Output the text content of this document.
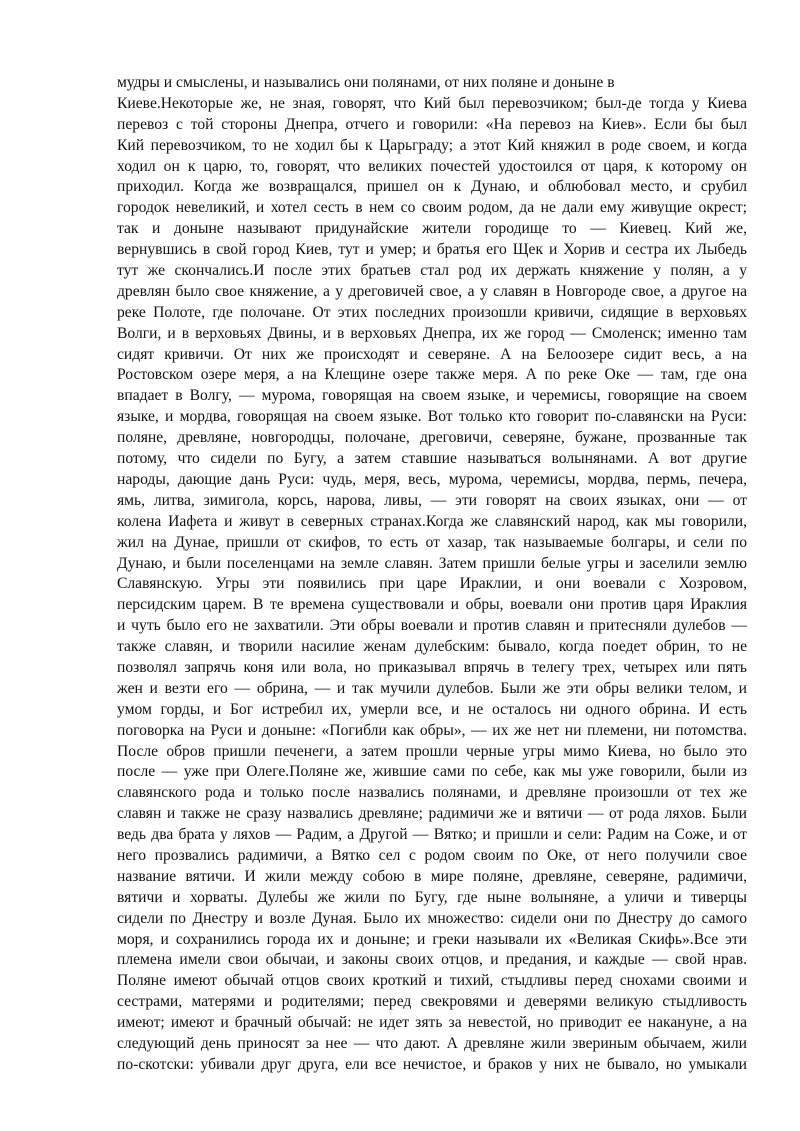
мудры и смыслены, и назывались они полянами, от них поляне и доныне в
Киеве.Некоторые же, не зная, говорят, что Кий был перевозчиком; был-де тогда у Киева
перевоз с той стороны Днепра, отчего и говорили: «На перевоз на Киев». Если бы был
Кий перевозчиком, то не ходил бы к Царьграду; а этот Кий княжил в роде своем, и когда
ходил он к царю, то, говорят, что великих почестей удостоился от царя, к которому он
приходил. Когда же возвращался, пришел он к Дунаю, и облюбовал место, и срубил
городок невеликий, и хотел сесть в нем со своим родом, да не дали ему живущие окрест;
так и доныне называют придунайские жители городище то — Киевец. Кий же,
вернувшись в свой город Киев, тут и умер; и братья его Щек и Хорив и сестра их Лыбедь
тут же скончались.И после этих братьев стал род их держать княжение у полян, а у
древлян было свое княжение, а у дреговичей свое, а у славян в Новгороде свое, а другое на
реке Полоте, где полочане. От этих последних произошли кривичи, сидящие в верховьях
Волги, и в верховьях Двины, и в верховьях Днепра, их же город — Смоленск; именно там
сидят кривичи. От них же происходят и северяне. А на Белоозере сидит весь, а на
Ростовском озере меря, а на Клещине озере также меря. А по реке Оке — там, где она
впадает в Волгу, — мурома, говорящая на своем языке, и черемисы, говорящие на своем
языке, и мордва, говорящая на своем языке. Вот только кто говорит по-славянски на Руси:
поляне, древляне, новгородцы, полочане, дреговичи, северяне, бужане, прозванные так
потому, что сидели по Бугу, а затем ставшие называться волынянами. А вот другие
народы, дающие дань Руси: чудь, меря, весь, мурома, черемисы, мордва, пермь, печера,
ямь, литва, зимигола, корсь, нарова, ливы, — эти говорят на своих языках, они — от
колена Иафета и живут в северных странах.Когда же славянский народ, как мы говорили,
жил на Дунае, пришли от скифов, то есть от хазар, так называемые болгары, и сели по
Дунаю, и были поселенцами на земле славян. Затем пришли белые угры и заселили землю
Славянскую. Угры эти появились при царе Ираклии, и они воевали с Хозровом,
персидским царем. В те времена существовали и обры, воевали они против царя Ираклия
и чуть было его не захватили. Эти обры воевали и против славян и притесняли дулебов —
также славян, и творили насилие женам дулебским: бывало, когда поедет обрин, то не
позволял запрячь коня или вола, но приказывал впрячь в телегу трех, четырех или пять
жен и везти его — обрина, — и так мучили дулебов. Были же эти обры велики телом, и
умом горды, и Бог истребил их, умерли все, и не осталось ни одного обрина. И есть
поговорка на Руси и доныне: «Погибли как обры», — их же нет ни племени, ни потомства.
После обров пришли печенеги, а затем прошли черные угры мимо Киева, но было это
после — уже при Олеге.Поляне же, жившие сами по себе, как мы уже говорили, были из
славянского рода и только после назвались полянами, и древляне произошли от тех же
славян и также не сразу назвались древляне; радимичи же и вятичи — от рода ляхов. Были
ведь два брата у ляхов — Радим, а Другой — Вятко; и пришли и сели: Радим на Соже, и от
него прозвались радимичи, а Вятко сел с родом своим по Оке, от него получили свое
название вятичи. И жили между собою в мире поляне, древляне, северяне, радимичи,
вятичи и хорваты. Дулебы же жили по Бугу, где ныне волыняне, а уличи и тиверцы
сидели по Днестру и возле Дуная. Было их множество: сидели они по Днестру до самого
моря, и сохранились города их и доныне; и греки называли их «Великая Скифь».Все эти
племена имели свои обычаи, и законы своих отцов, и предания, и каждые — свой нрав.
Поляне имеют обычай отцов своих кроткий и тихий, стыдливы перед снохами своими и
сестрами, матерями и родителями; перед свекровями и деверями великую стыдливость
имеют; имеют и брачный обычай: не идет зять за невестой, но приводит ее накануне, а на
следующий день приносят за нее — что дают. А древляне жили звериным обычаем, жили
по-скотски: убивали друг друга, ели все нечистое, и браков у них не бывало, но умыкали
